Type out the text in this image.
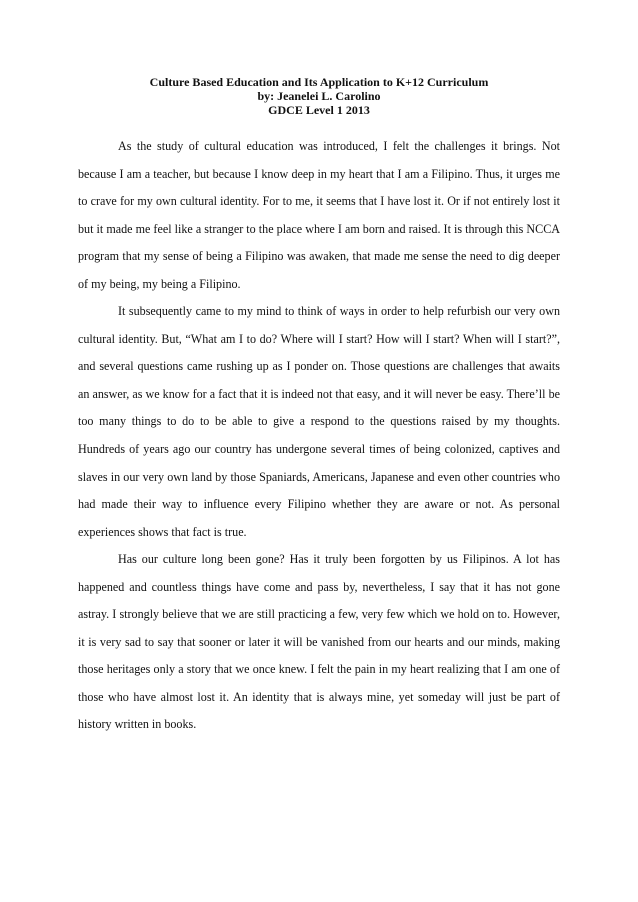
Culture Based Education and Its Application to K+12 Curriculum
by: Jeanelei L. Carolino
GDCE Level 1 2013

As the study of cultural education was introduced, I felt the challenges it brings. Not because I am a teacher, but because I know deep in my heart that I am a Filipino. Thus, it urges me to crave for my own cultural identity. For to me, it seems that I have lost it. Or if not entirely lost it but it made me feel like a stranger to the place where I am born and raised. It is through this NCCA program that my sense of being a Filipino was awaken, that made me sense the need to dig deeper of my being, my being a Filipino.

It subsequently came to my mind to think of ways in order to help refurbish our very own cultural identity. But, “What am I to do? Where will I start? How will I start? When will I start?”, and several questions came rushing up as I ponder on. Those questions are challenges that awaits an answer, as we know for a fact that it is indeed not that easy, and it will never be easy. There’ll be too many things to do to be able to give a respond to the questions raised by my thoughts. Hundreds of years ago our country has undergone several times of being colonized, captives and slaves in our very own land by those Spaniards, Americans, Japanese and even other countries who had made their way to influence every Filipino whether they are aware or not. As personal experiences shows that fact is true.

Has our culture long been gone? Has it truly been forgotten by us Filipinos. A lot has happened and countless things have come and pass by, nevertheless, I say that it has not gone astray. I strongly believe that we are still practicing a few, very few which we hold on to. However, it is very sad to say that sooner or later it will be vanished from our hearts and our minds, making those heritages only a story that we once knew. I felt the pain in my heart realizing that I am one of those who have almost lost it. An identity that is always mine, yet someday will just be part of history written in books.
